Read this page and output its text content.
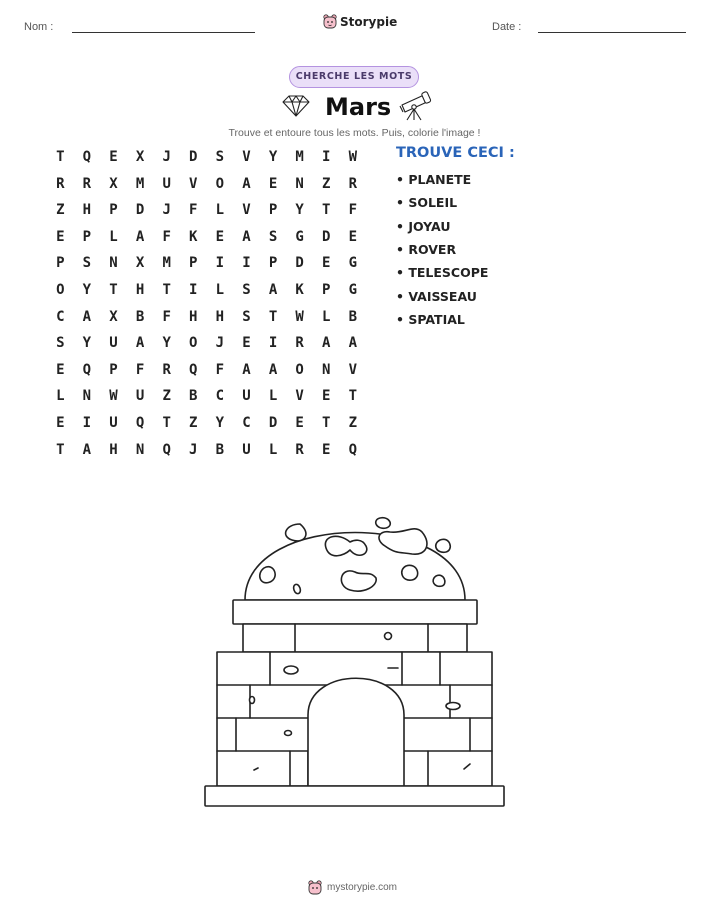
Nom :	Storypie	Date :
CHERCHE LES MOTS
Mars
Trouve et entoure tous les mots. Puis, colorie l'image !
T	Q	E	X	J	D	S	V	Y	M	I	W
R	R	X	M	U	V	O	A	E	N	Z	R
Z	H	P	D	J	F	L	V	P	Y	T	F
E	P	L	A	F	K	E	A	S	G	D	E
P	S	N	X	M	P	I	I	P	D	E	G
O	Y	T	H	T	I	L	S	A	K	P	G
C	A	X	B	F	H	H	S	T	W	L	B
S	Y	U	A	Y	O	J	E	I	R	A	A
E	Q	P	F	R	Q	F	A	A	O	N	V
L	N	W	U	Z	B	C	U	L	V	E	T
E	I	U	Q	T	Z	Y	C	D	E	T	Z
T	A	H	N	Q	J	B	U	L	R	E	Q
TROUVE CECI :
• PLANETE
• SOLEIL
• JOYAU
• ROVER
• TELESCOPE
• VAISSEAU
• SPATIAL
mystorypie.com
